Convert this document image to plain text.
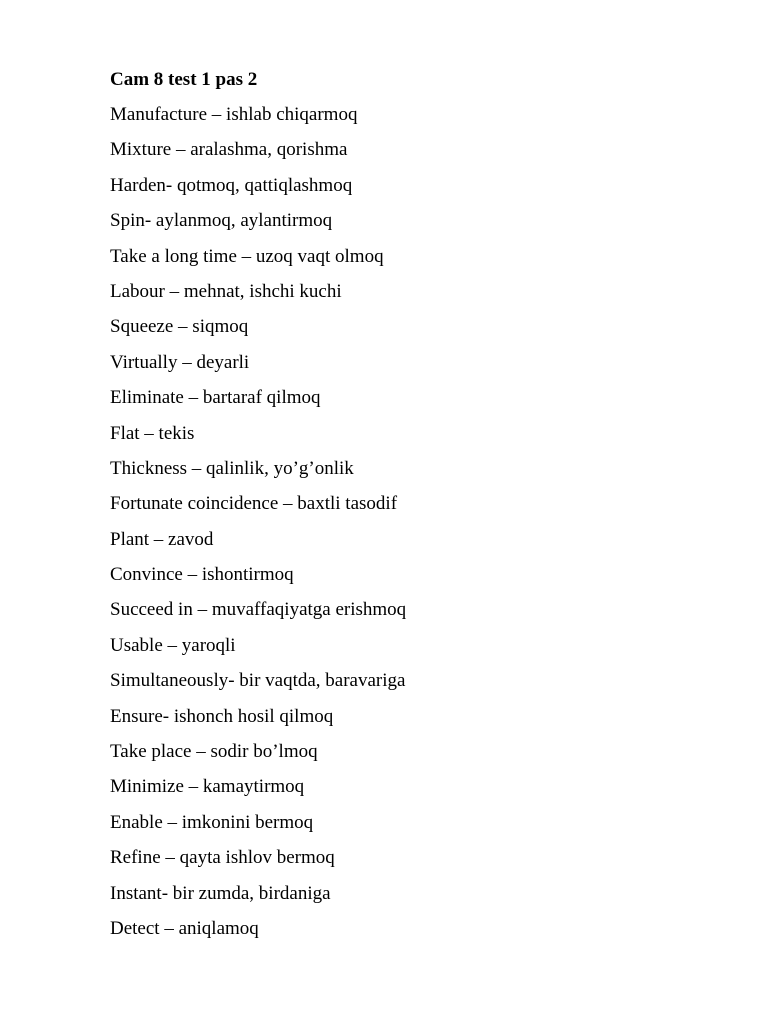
Cam 8 test 1 pas 2
Manufacture – ishlab chiqarmoq
Mixture – aralashma, qorishma
Harden- qotmoq, qattiqlashmoq
Spin- aylanmoq, aylantirmoq
Take a long time – uzoq vaqt olmoq
Labour – mehnat, ishchi kuchi
Squeeze – siqmoq
Virtually – deyarli
Eliminate – bartaraf qilmoq
Flat – tekis
Thickness – qalinlik, yo’g’onlik
Fortunate coincidence – baxtli tasodif
Plant – zavod
Convince – ishontirmoq
Succeed in – muvaffaqiyatga erishmoq
Usable – yaroqli
Simultaneously- bir vaqtda, baravariga
Ensure- ishonch hosil qilmoq
Take place – sodir bo’lmoq
Minimize – kamaytirmoq
Enable – imkonini bermoq
Refine – qayta ishlov bermoq
Instant- bir zumda, birdaniga
Detect – aniqlamoq
